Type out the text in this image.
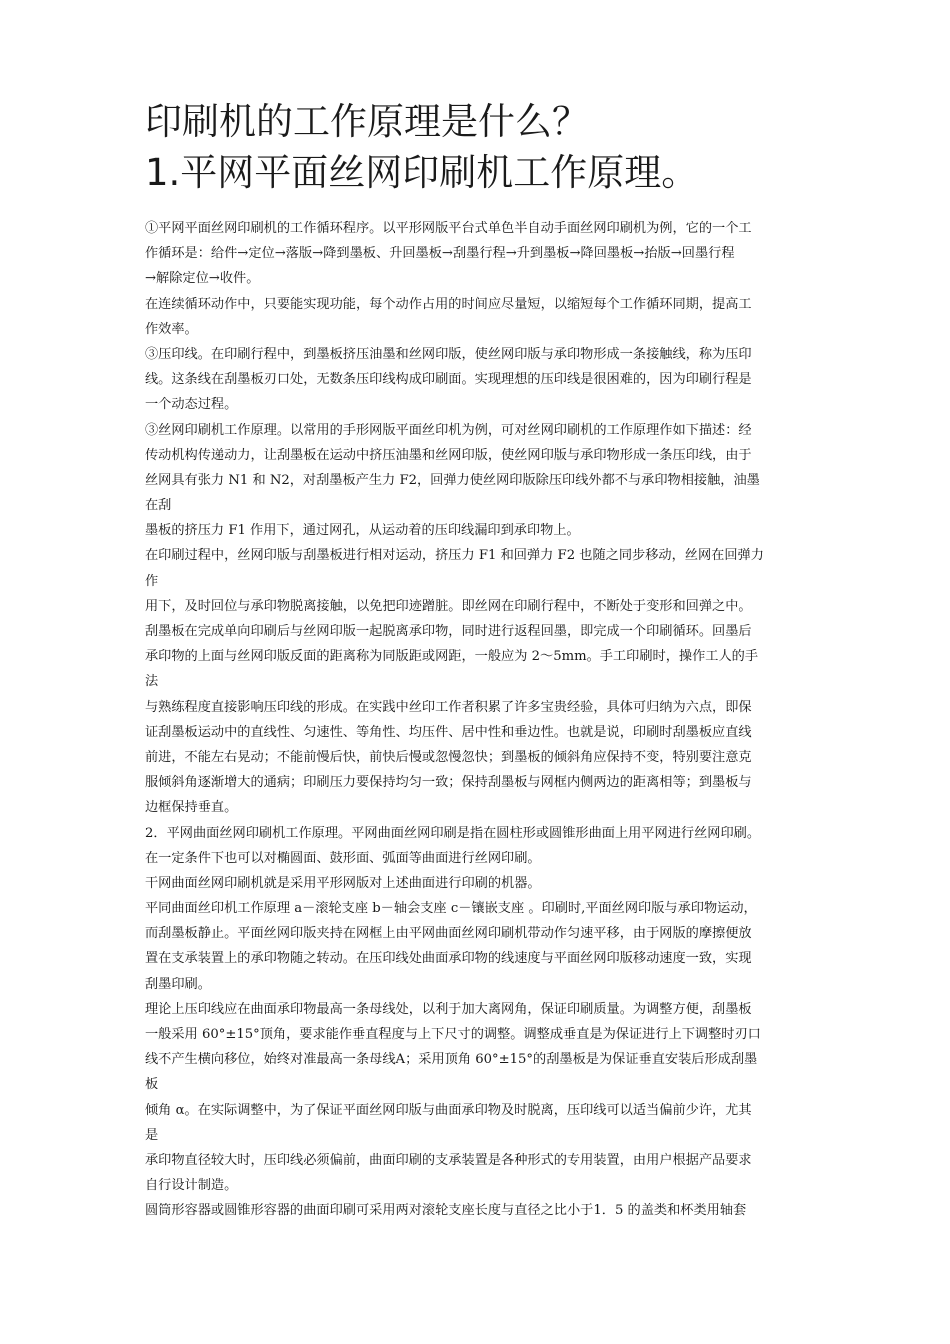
印刷机的工作原理是什么？
1.平网平面丝网印刷机工作原理。
①平网平面丝网印刷机的工作循环程序。以平形网版平台式单色半自动手面丝网印刷机为例，它的一个工
作循环是：给件→定位→落版→降到墨板、升回墨板→刮墨行程→升到墨板→降回墨板→抬版→回墨行程
→解除定位→收件。
在连续循环动作中，只要能实现功能，每个动作占用的时间应尽量短，以缩短每个工作循环同期，提高工
作效率。
③压印线。在印刷行程中，到墨板挤压油墨和丝网印版，使丝网印版与承印物形成一条接触线，称为压印
线。这条线在刮墨板刃口处，无数条压印线构成印刷面。实现理想的压印线是很困难的，因为印刷行程是
一个动态过程。
③丝网印刷机工作原理。以常用的手形网版平面丝印机为例，可对丝网印刷机的工作原理作如下描述：经
传动机构传递动力，让刮墨板在运动中挤压油墨和丝网印版，使丝网印版与承印物形成一条压印线，由于
丝网具有张力 N1 和 N2，对刮墨板产生力 F2，回弹力使丝网印版除压印线外都不与承印物相接触，油墨
在刮
墨板的挤压力 F1 作用下，通过网孔，从运动着的压印线漏印到承印物上。
在印刷过程中，丝网印版与刮墨板进行相对运动，挤压力 F1 和回弹力 F2 也随之同步移动，丝网在回弹力
作
用下，及时回位与承印物脱离接触，以免把印迹蹭脏。即丝网在印刷行程中，不断处于变形和回弹之中。
刮墨板在完成单向印刷后与丝网印版一起脱离承印物，同时进行返程回墨，即完成一个印刷循环。回墨后
承印物的上面与丝网印版反面的距离称为同版距或网距，一般应为 2～5mm。手工印刷时，操作工人的手
法
与熟练程度直接影响压印线的形成。在实践中丝印工作者积累了许多宝贵经验，具体可归纳为六点，即保
证刮墨板运动中的直线性、匀速性、等角性、均压件、居中性和垂边性。也就是说，印刷时刮墨板应直线
前进，不能左右晃动；不能前慢后快，前快后慢或忽慢忽快；到墨板的倾斜角应保持不变，特别要注意克
服倾斜角逐渐增大的通病；印刷压力要保持均匀一致；保持刮墨板与网框内侧两边的距离相等；到墨板与
边框保持垂直。
2．平网曲面丝网印刷机工作原理。平网曲面丝网印刷是指在圆柱形或圆锥形曲面上用平网进行丝网印刷。
在一定条件下也可以对椭圆面、鼓形面、弧面等曲面进行丝网印刷。
干网曲面丝网印刷机就是采用平形网版对上述曲面进行印刷的机器。
平同曲面丝印机工作原理 a－滚轮支座 b－轴会支座 c－镶嵌支座 。印刷时,平面丝网印版与承印物运动，
而刮墨板静止。平面丝网印版夹持在网框上由平网曲面丝网印刷机带动作匀速平移，由于网版的摩擦便放
置在支承装置上的承印物随之转动。在压印线处曲面承印物的线速度与平面丝网印版移动速度一致，实现
刮墨印刷。
理论上压印线应在曲面承印物最高一条母线处，以利于加大离网角，保证印刷质量。为调整方便，刮墨板
一般采用 60°±15°顶角，要求能作垂直程度与上下尺寸的调整。调整成垂直是为保证进行上下调整时刃口
线不产生横向移位，始终对准最高一条母线A；采用顶角 60°±15°的刮墨板是为保证垂直安装后形成刮墨
板
倾角 α。在实际调整中，为了保证平面丝网印版与曲面承印物及时脱离，压印线可以适当偏前少许，尤其
是
承印物直径较大时，压印线必须偏前，曲面印刷的支承装置是各种形式的专用装置，由用户根据产品要求
自行设计制造。
圆筒形容器或圆锥形容器的曲面印刷可采用两对滚轮支座长度与直径之比小于1．5 的盖类和杯类用轴套
